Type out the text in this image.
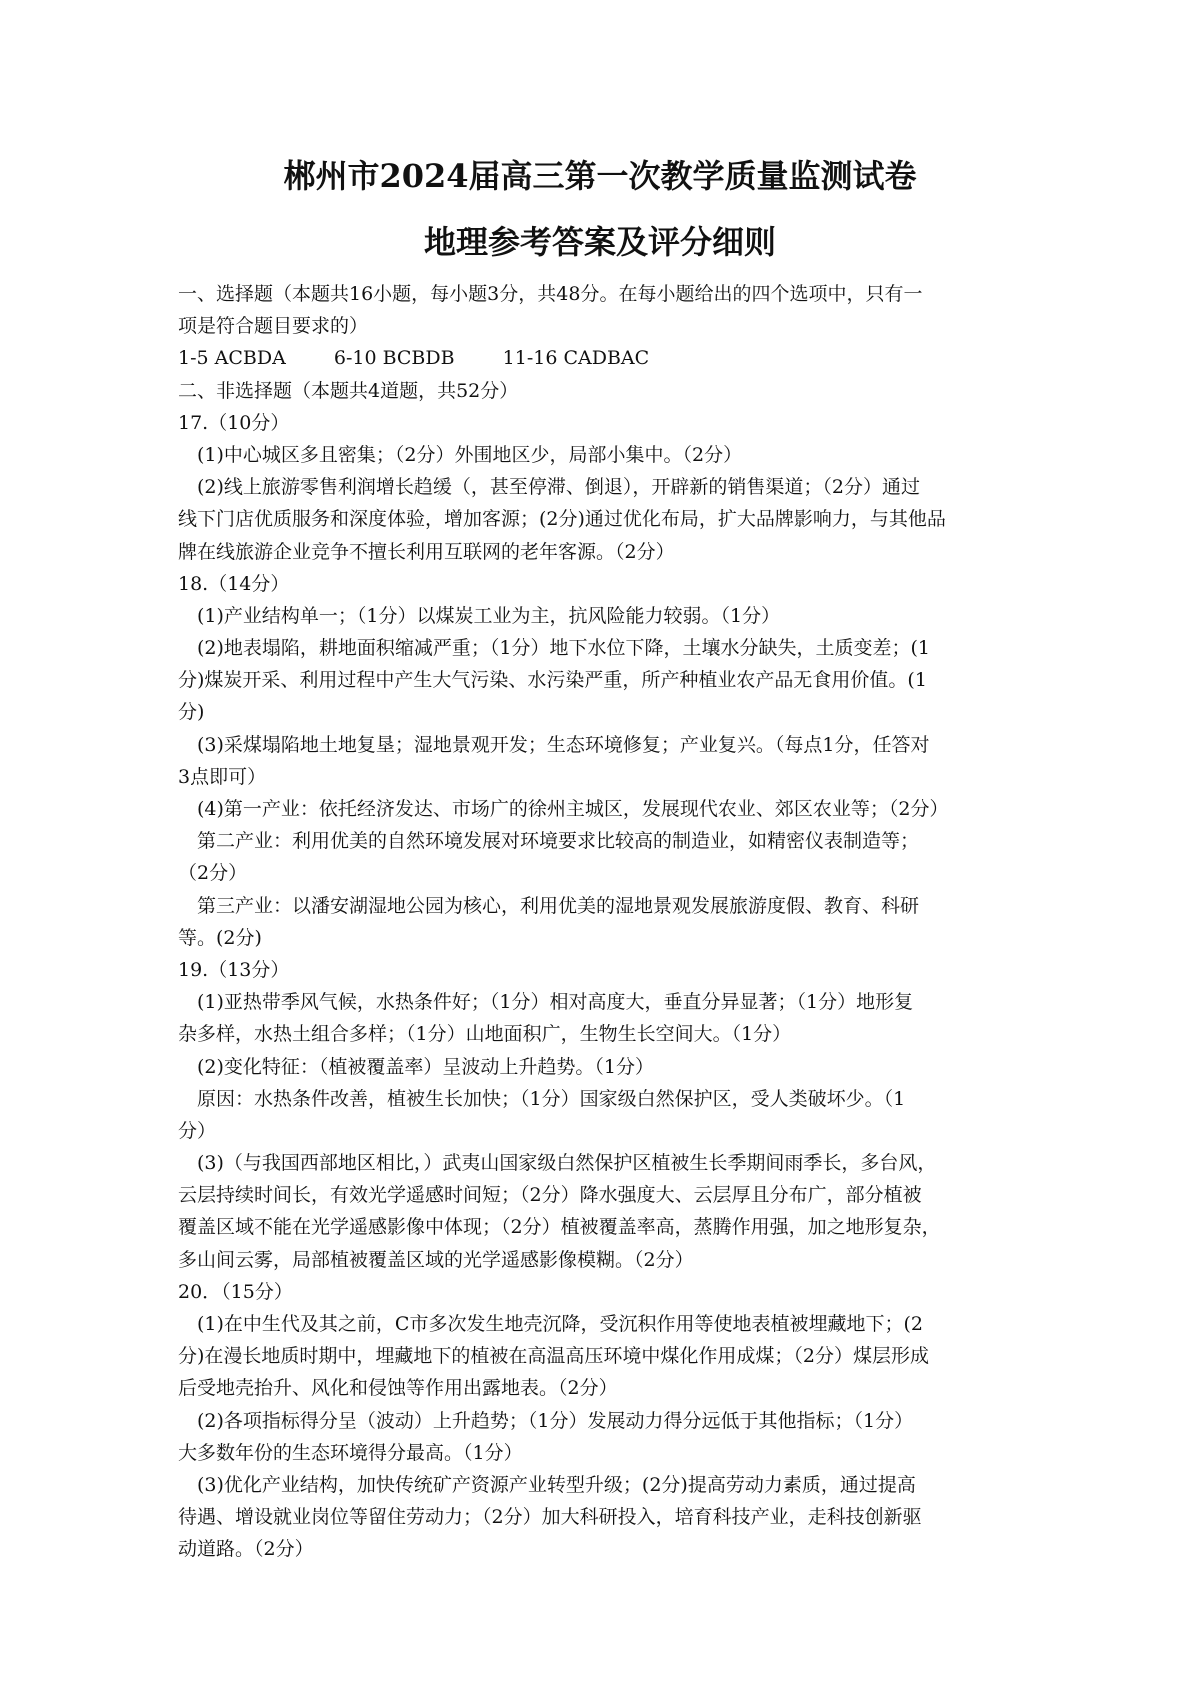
郴州市2024届高三第一次教学质量监测试卷
地理参考答案及评分细则
一、选择题（本题共16小题，每小题3分，共48分。在每小题给出的四个选项中，只有一
项是符合题目要求的）
1-5 ACBDA	6-10 BCBDB	11-16 CADBAC
二、非选择题（本题共4道题，共52分）
17.（10分）
(1)中心城区多且密集；（2分）外围地区少，局部小集中。（2分）
(2)线上旅游零售利润增长趋缓（，甚至停滞、倒退），开辟新的销售渠道；（2分）通过
线下门店优质服务和深度体验，增加客源；(2分)通过优化布局，扩大品牌影响力，与其他品
牌在线旅游企业竞争不擅长利用互联网的老年客源。（2分）
18.（14分）
(1)产业结构单一；（1分）以煤炭工业为主，抗风险能力较弱。（1分）
(2)地表塌陷，耕地面积缩减严重；（1分）地下水位下降，土壤水分缺失，土质变差；(1
分)煤炭开采、利用过程中产生大气污染、水污染严重，所产种植业农产品无食用价值。(1
分)
(3)采煤塌陷地土地复垦；湿地景观开发；生态环境修复；产业复兴。（每点1分，任答对
3点即可）
(4)第一产业：依托经济发达、市场广的徐州主城区，发展现代农业、郊区农业等；（2分）
第二产业：利用优美的自然环境发展对环境要求比较高的制造业，如精密仪表制造等；
（2分）
第三产业：以潘安湖湿地公园为核心，利用优美的湿地景观发展旅游度假、教育、科研
等。(2分)
19.（13分）
(1)亚热带季风气候，水热条件好；（1分）相对高度大，垂直分异显著；（1分）地形复
杂多样，水热土组合多样；（1分）山地面积广，生物生长空间大。（1分）
(2)变化特征：（植被覆盖率）呈波动上升趋势。（1分）
原因：水热条件改善，植被生长加快；（1分）国家级白然保护区，受人类破坏少。（1
分）
(3)（与我国西部地区相比，）武夷山国家级白然保护区植被生长季期间雨季长，多台风，
云层持续时间长，有效光学遥感时间短；（2分）降水强度大、云层厚且分布广，部分植被
覆盖区域不能在光学遥感影像中体现；（2分）植被覆盖率高，蒸腾作用强，加之地形复杂，
多山间云雾，局部植被覆盖区域的光学遥感影像模糊。（2分）
20．（15分）
(1)在中生代及其之前，C市多次发生地壳沉降，受沉积作用等使地表植被埋藏地下；(2
分)在漫长地质时期中，埋藏地下的植被在高温高压环境中煤化作用成煤；（2分）煤层形成
后受地壳抬升、风化和侵蚀等作用出露地表。（2分）
(2)各项指标得分呈（波动）上升趋势；（1分）发展动力得分远低于其他指标；（1分）
大多数年份的生态环境得分最高。（1分）
(3)优化产业结构，加快传统矿产资源产业转型升级；(2分)提高劳动力素质，通过提高
待遇、增设就业岗位等留住劳动力；（2分）加大科研投入，培育科技产业，走科技创新驱
动道路。（2分）
